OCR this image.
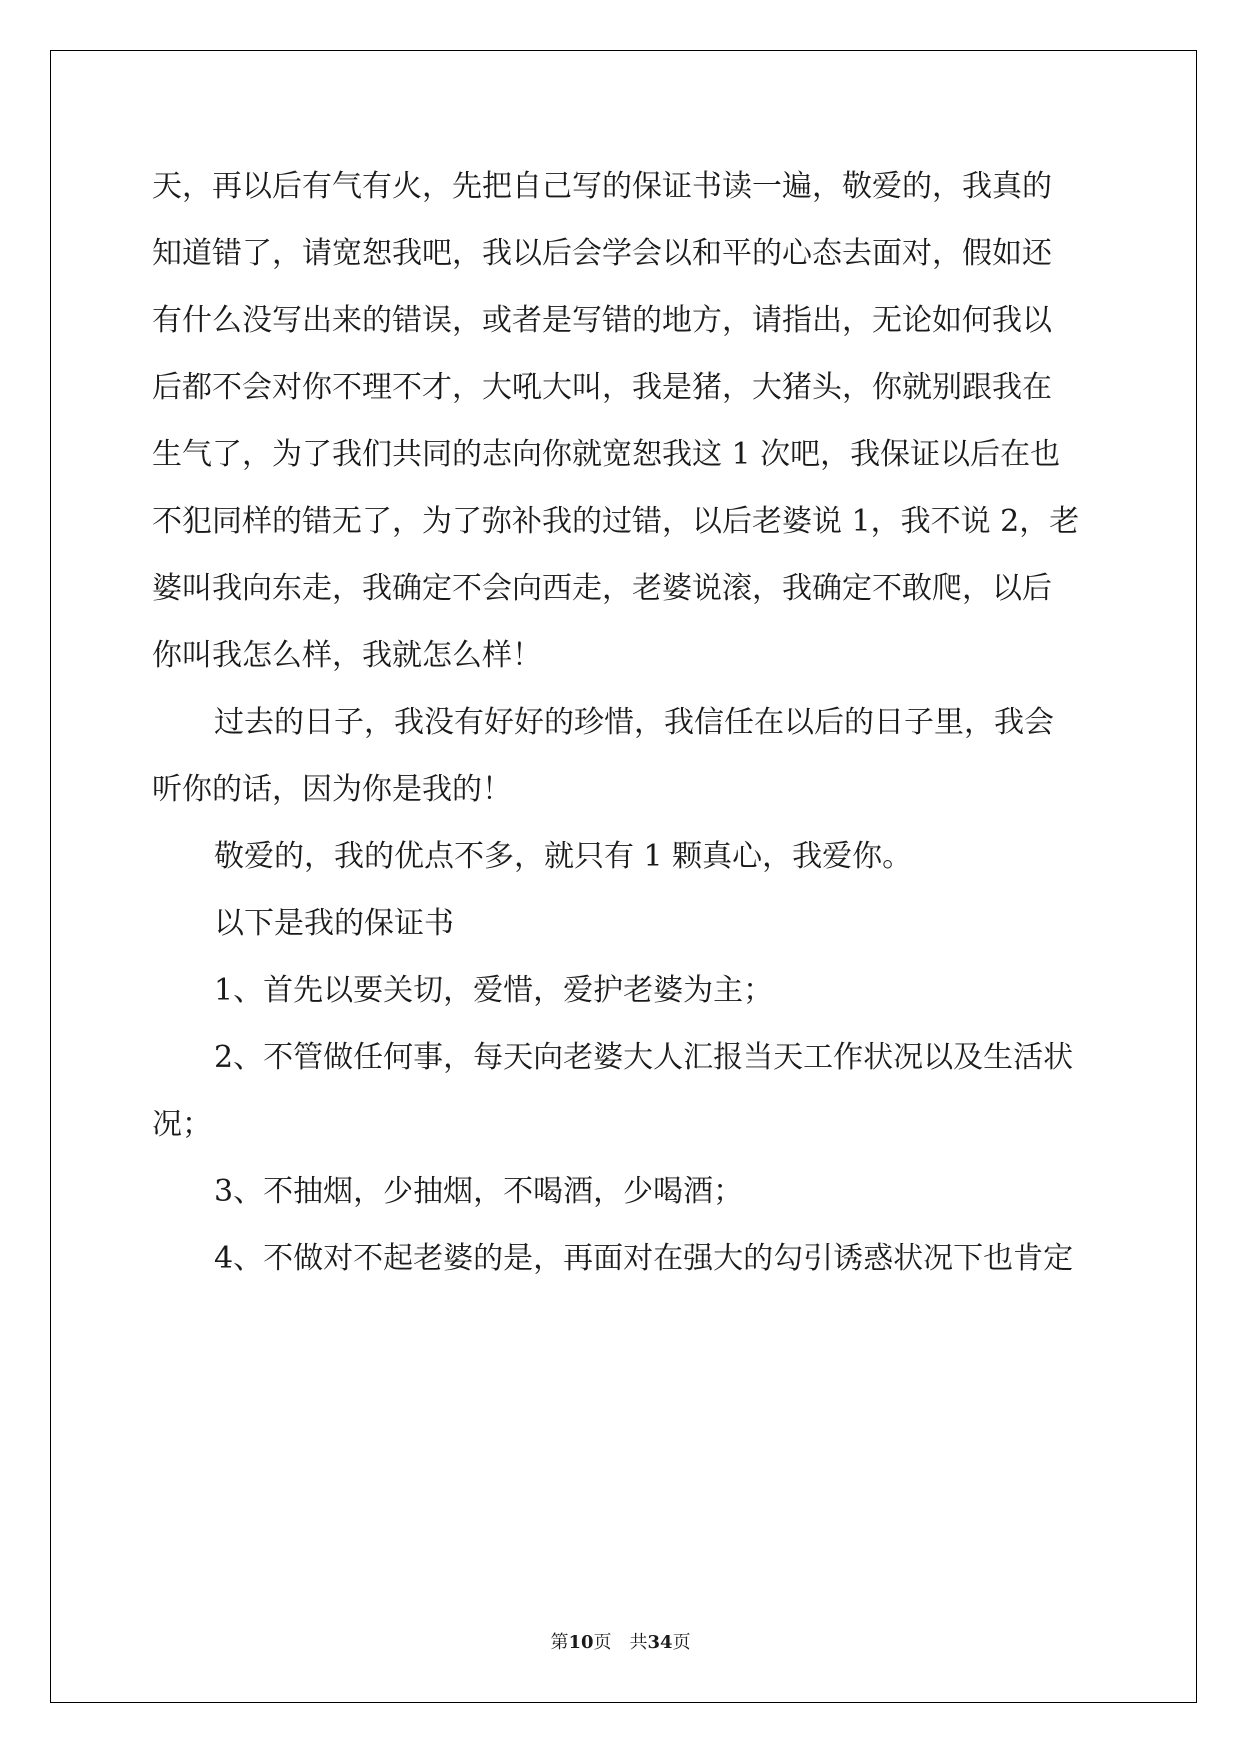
天，再以后有气有火，先把自己写的保证书读一遍，敬爱的，我真的
知道错了，请宽恕我吧，我以后会学会以和平的心态去面对，假如还
有什么没写出来的错误，或者是写错的地方，请指出，无论如何我以
后都不会对你不理不才，大吼大叫，我是猪，大猪头，你就别跟我在
生气了，为了我们共同的志向你就宽恕我这 1 次吧，我保证以后在也
不犯同样的错无了，为了弥补我的过错，以后老婆说 1，我不说 2，老
婆叫我向东走，我确定不会向西走，老婆说滚，我确定不敢爬，以后
你叫我怎么样，我就怎么样！
过去的日子，我没有好好的珍惜，我信任在以后的日子里，我会
听你的话，因为你是我的！
敬爱的，我的优点不多，就只有 1 颗真心，我爱你。
以下是我的保证书
1、首先以要关切，爱惜，爱护老婆为主；
2、不管做任何事，每天向老婆大人汇报当天工作状况以及生活状
况；
3、不抽烟，少抽烟，不喝酒，少喝酒；
4、不做对不起老婆的是，再面对在强大的勾引诱惑状况下也肯定
第10页　共34页
